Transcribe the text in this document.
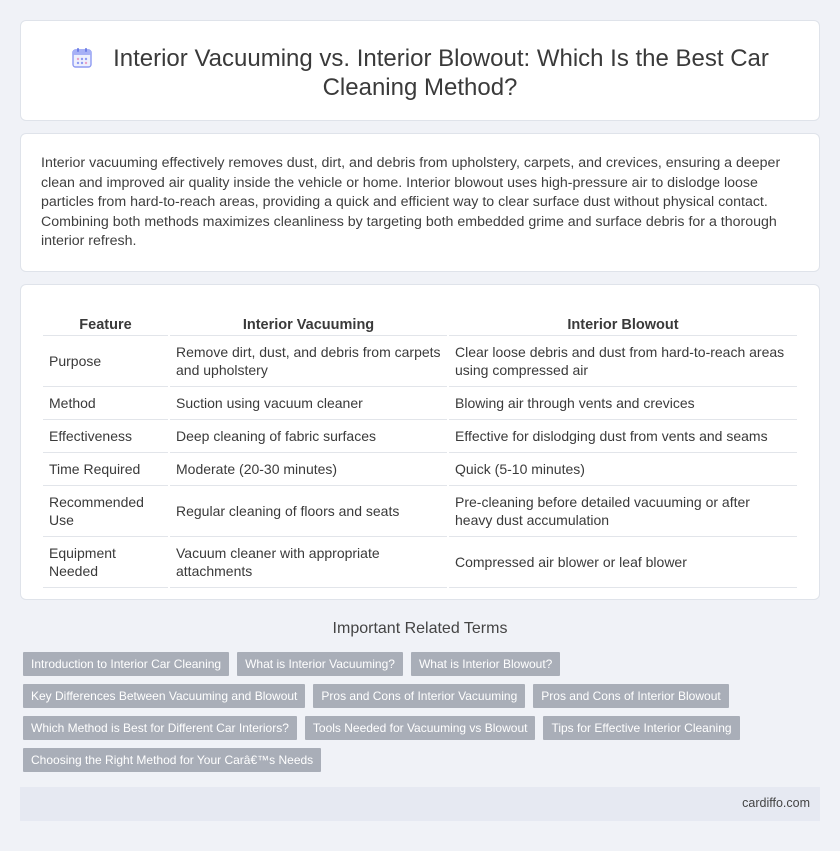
Interior Vacuuming vs. Interior Blowout: Which Is the Best Car Cleaning Method?

Interior vacuuming effectively removes dust, dirt, and debris from upholstery, carpets, and crevices, ensuring a deeper clean and improved air quality inside the vehicle or home. Interior blowout uses high-pressure air to dislodge loose particles from hard-to-reach areas, providing a quick and efficient way to clear surface dust without physical contact. Combining both methods maximizes cleanliness by targeting both embedded grime and surface debris for a thorough interior refresh.

Feature	Interior Vacuuming	Interior Blowout
Purpose	Remove dirt, dust, and debris from carpets and upholstery	Clear loose debris and dust from hard-to-reach areas using compressed air
Method	Suction using vacuum cleaner	Blowing air through vents and crevices
Effectiveness	Deep cleaning of fabric surfaces	Effective for dislodging dust from vents and seams
Time Required	Moderate (20-30 minutes)	Quick (5-10 minutes)
Recommended Use	Regular cleaning of floors and seats	Pre-cleaning before detailed vacuuming or after heavy dust accumulation
Equipment Needed	Vacuum cleaner with appropriate attachments	Compressed air blower or leaf blower
Important Related Terms
Introduction to Interior Car Cleaning	What is Interior Vacuuming?	What is Interior Blowout?
Key Differences Between Vacuuming and Blowout	Pros and Cons of Interior Vacuuming	Pros and Cons of Interior Blowout
Which Method is Best for Different Car Interiors?	Tools Needed for Vacuuming vs Blowout	Tips for Effective Interior Cleaning
Choosing the Right Method for Your Carâ€™s Needs
cardiffo.com
